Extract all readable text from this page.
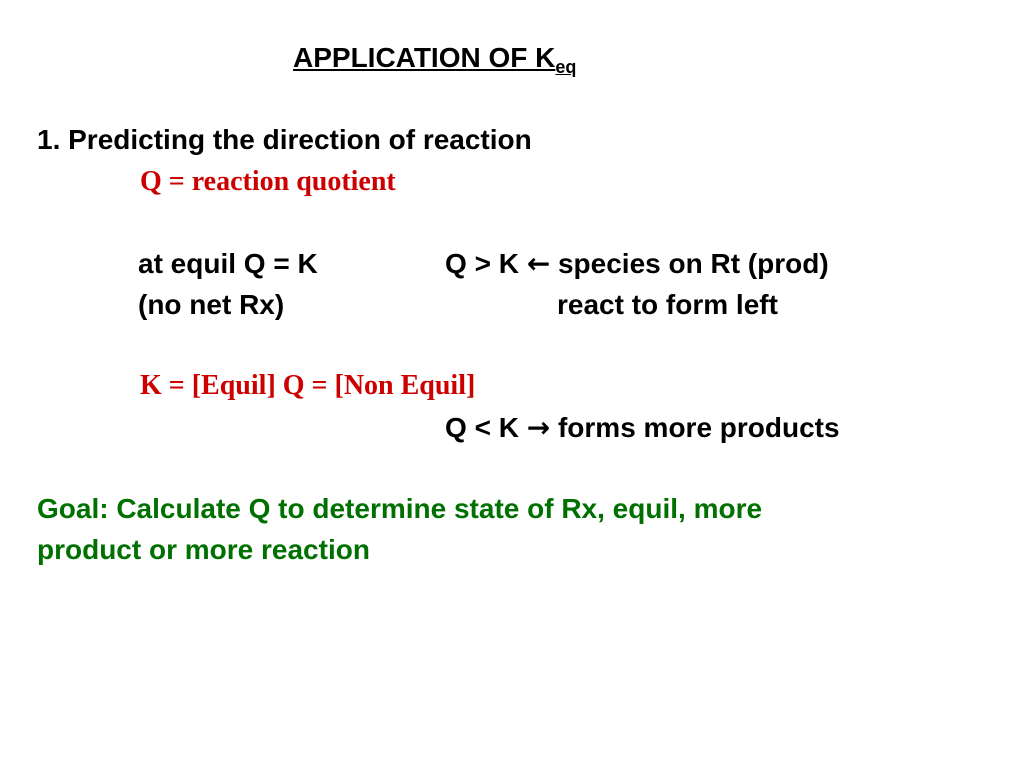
APPLICATION OF $K_{eq}$
1. Predicting the direction of reaction
Q = reaction quotient
at equil Q = K	Q > K ← species on Rt (prod)
(no net Rx)	react to form left
K = [Equil] Q = [Non Equil]
Q < K → forms more products
Goal: Calculate Q to determine state of Rx, equil, more
product or more reaction
